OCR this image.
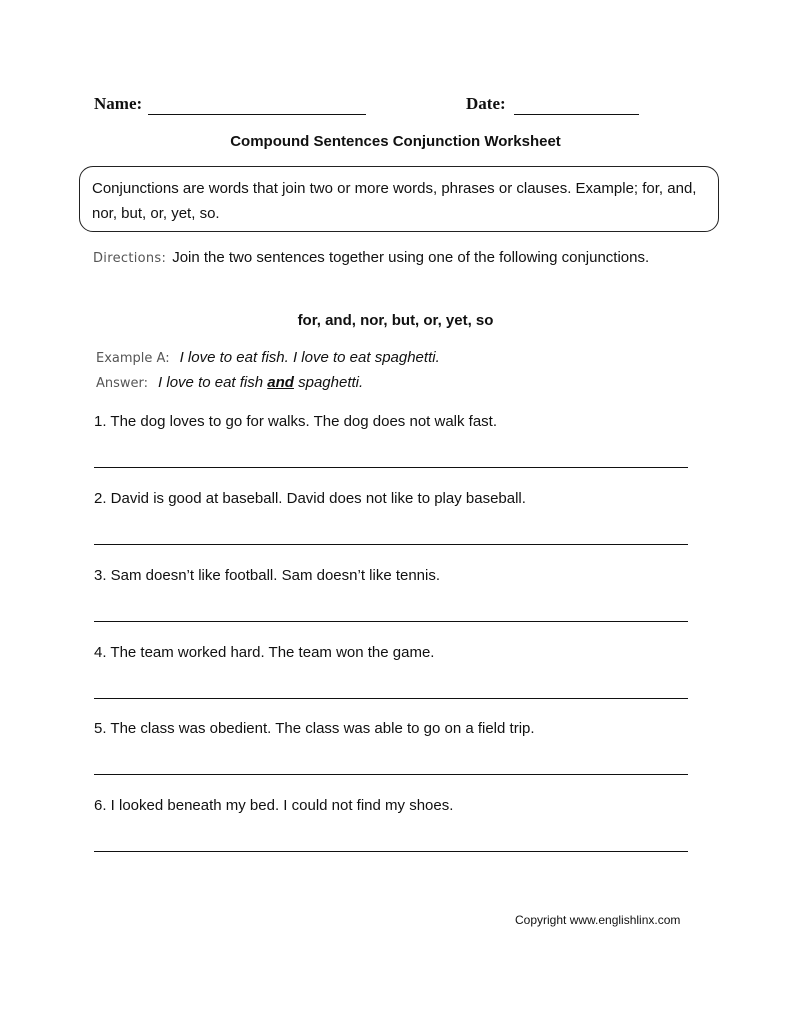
Name:	Date:
Compound Sentences Conjunction Worksheet
Conjunctions are words that join two or more words, phrases or clauses. Example; for, and, nor, but, or, yet, so.
Directions: Join the two sentences together using one of the following conjunctions.
for, and, nor, but, or, yet, so
Example A: I love to eat fish. I love to eat spaghetti.
Answer: I love to eat fish and spaghetti.
1. The dog loves to go for walks. The dog does not walk fast.
2. David is good at baseball. David does not like to play baseball.
3. Sam doesn’t like football. Sam doesn’t like tennis.
4. The team worked hard. The team won the game.
5. The class was obedient. The class was able to go on a field trip.
6. I looked beneath my bed. I could not find my shoes.
Copyright www.englishlinx.com
